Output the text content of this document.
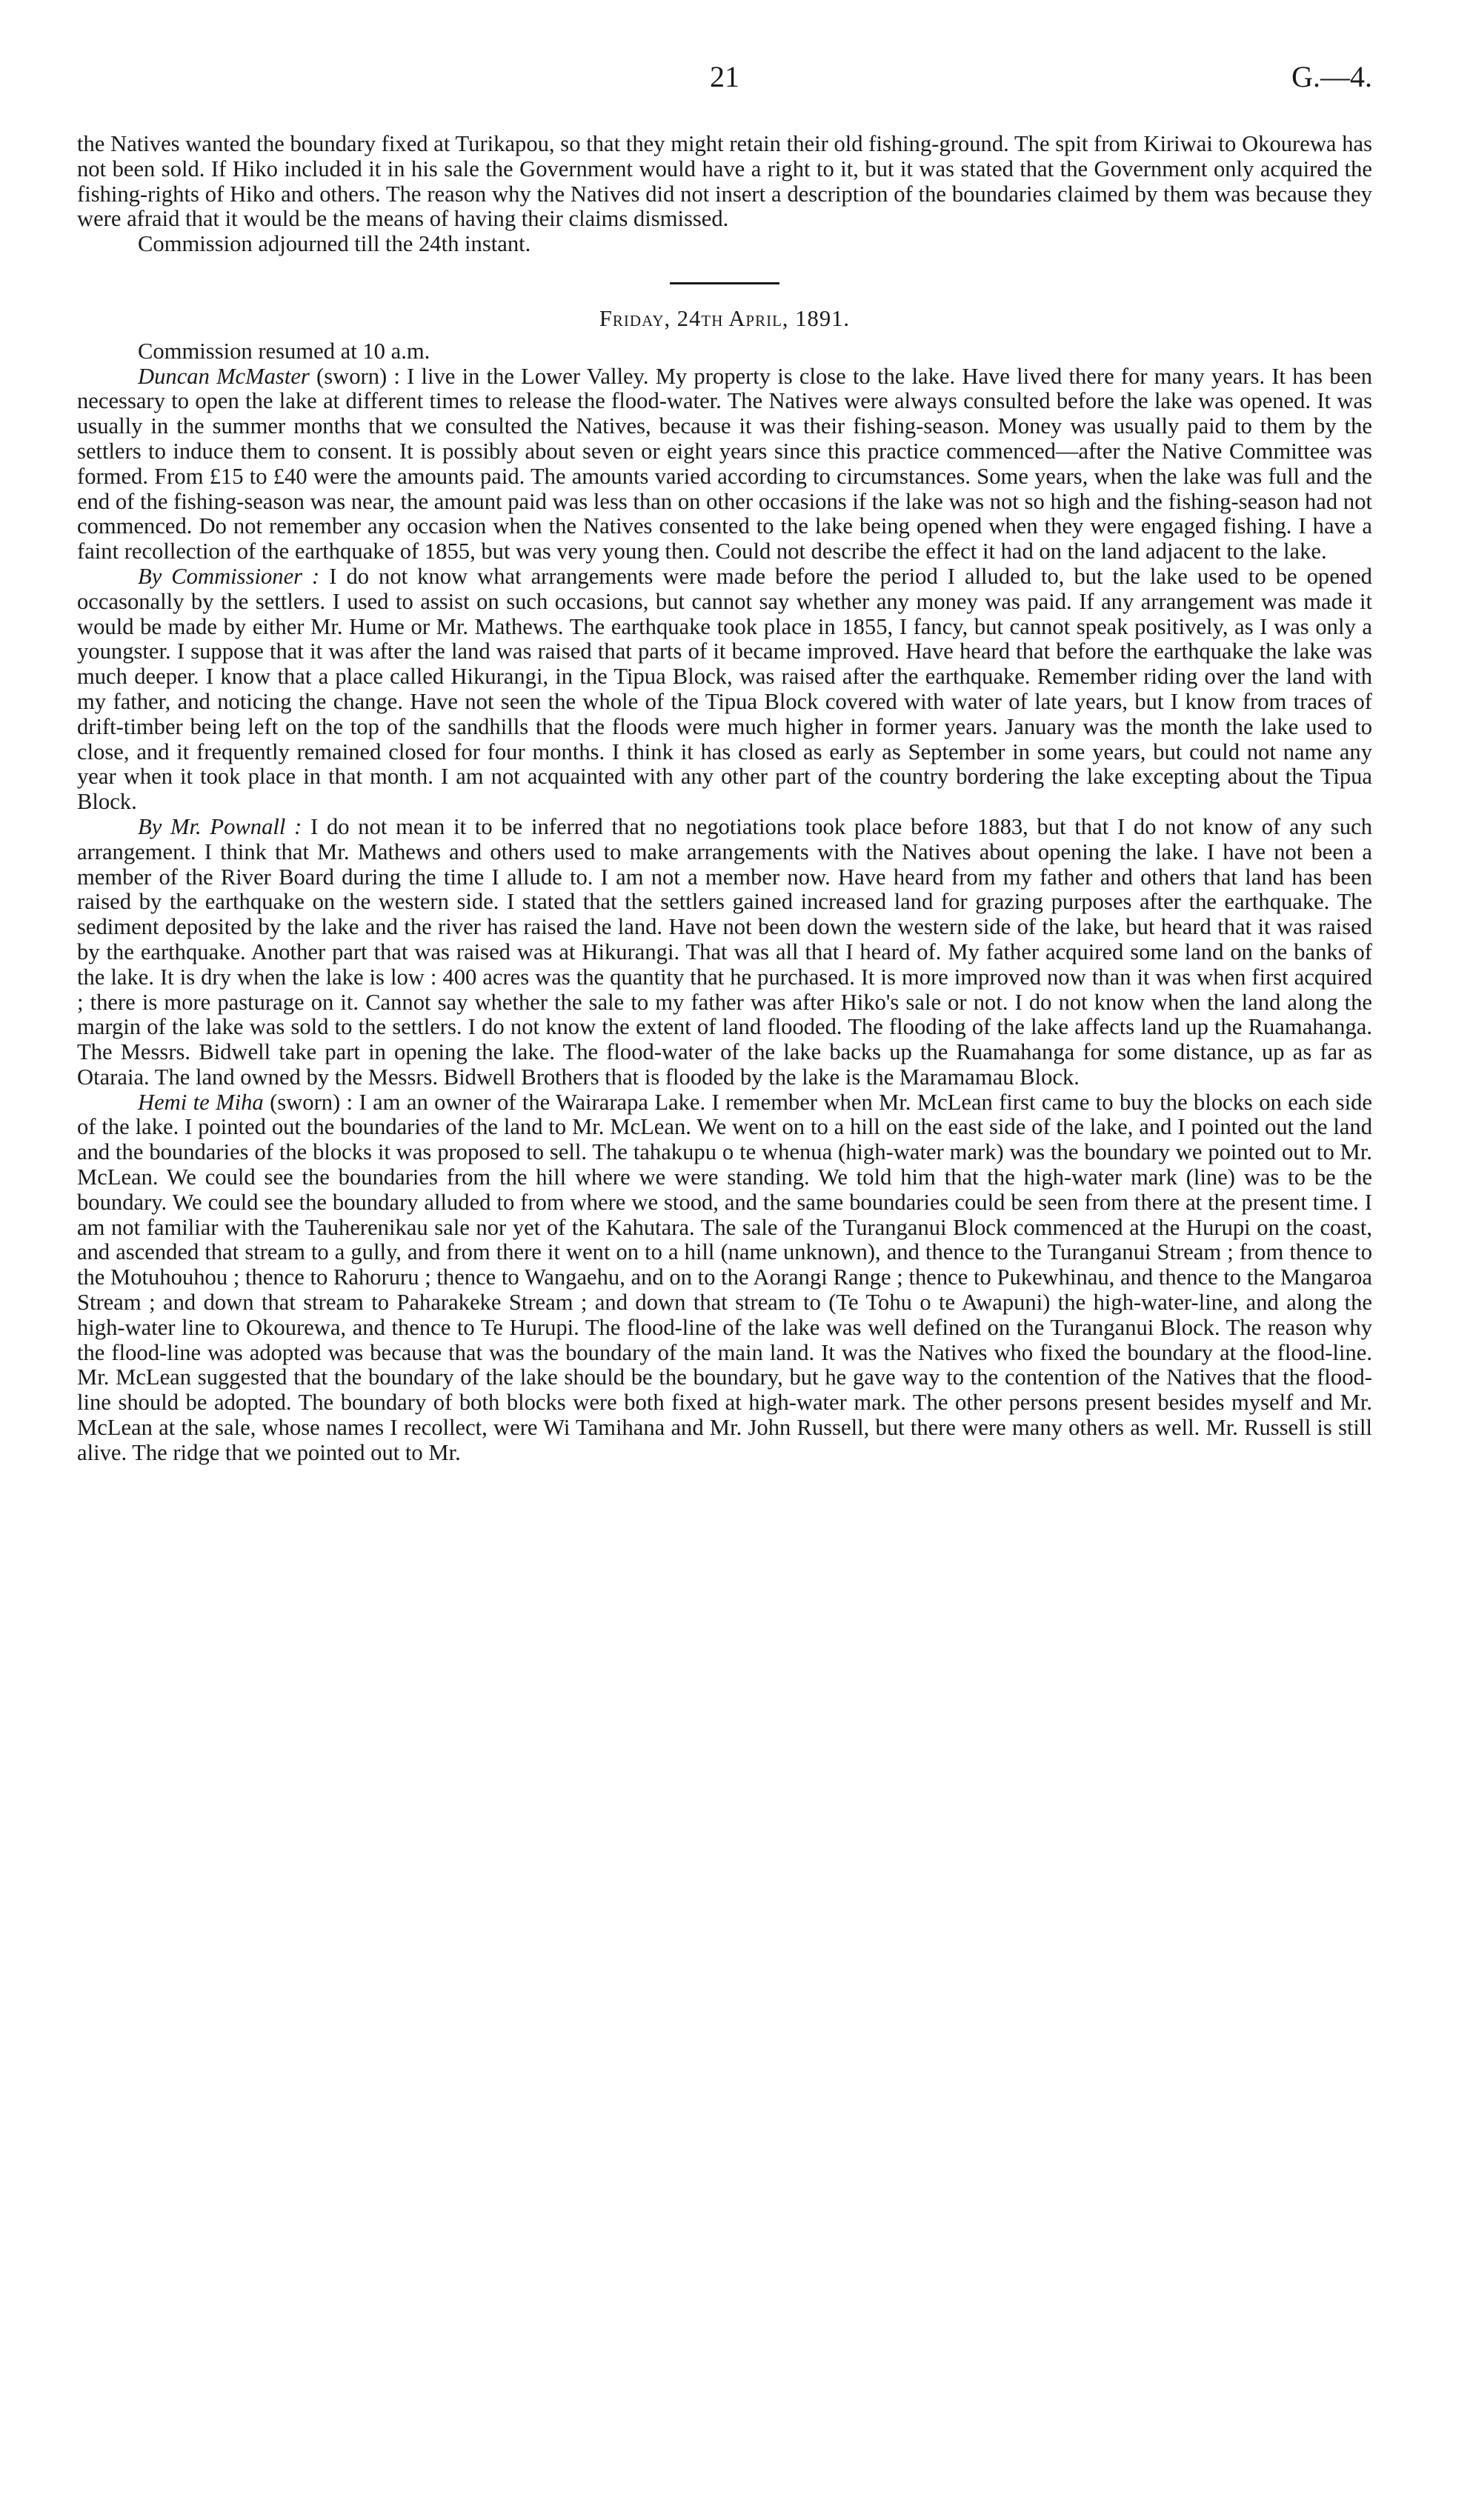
21	G.—4.

the Natives wanted the boundary fixed at Turikapou, so that they might retain their old fishing-ground. The spit from Kiriwai to Okourewa has not been sold. If Hiko included it in his sale the Government would have a right to it, but it was stated that the Government only acquired the fishing-rights of Hiko and others. The reason why the Natives did not insert a description of the boundaries claimed by them was because they were afraid that it would be the means of having their claims dismissed.

Commission adjourned till the 24th instant.

Friday, 24th April, 1891.

Commission resumed at 10 a.m.

Duncan McMaster (sworn) : I live in the Lower Valley. My property is close to the lake. Have lived there for many years. It has been necessary to open the lake at different times to release the flood-water. The Natives were always consulted before the lake was opened. It was usually in the summer months that we consulted the Natives, because it was their fishing-season. Money was usually paid to them by the settlers to induce them to consent. It is possibly about seven or eight years since this practice commenced—after the Native Committee was formed. From £15 to £40 were the amounts paid. The amounts varied according to circumstances. Some years, when the lake was full and the end of the fishing-season was near, the amount paid was less than on other occasions if the lake was not so high and the fishing-season had not commenced. Do not remember any occasion when the Natives consented to the lake being opened when they were engaged fishing. I have a faint recollection of the earthquake of 1855, but was very young then. Could not describe the effect it had on the land adjacent to the lake.

By Commissioner : I do not know what arrangements were made before the period I alluded to, but the lake used to be opened occasonally by the settlers. I used to assist on such occasions, but cannot say whether any money was paid. If any arrangement was made it would be made by either Mr. Hume or Mr. Mathews. The earthquake took place in 1855, I fancy, but cannot speak positively, as I was only a youngster. I suppose that it was after the land was raised that parts of it became improved. Have heard that before the earthquake the lake was much deeper. I know that a place called Hikurangi, in the Tipua Block, was raised after the earthquake. Remember riding over the land with my father, and noticing the change. Have not seen the whole of the Tipua Block covered with water of late years, but I know from traces of drift-timber being left on the top of the sandhills that the floods were much higher in former years. January was the month the lake used to close, and it frequently remained closed for four months. I think it has closed as early as September in some years, but could not name any year when it took place in that month. I am not acquainted with any other part of the country bordering the lake excepting about the Tipua Block.

By Mr. Pownall : I do not mean it to be inferred that no negotiations took place before 1883, but that I do not know of any such arrangement. I think that Mr. Mathews and others used to make arrangements with the Natives about opening the lake. I have not been a member of the River Board during the time I allude to. I am not a member now. Have heard from my father and others that land has been raised by the earthquake on the western side. I stated that the settlers gained increased land for grazing purposes after the earthquake. The sediment deposited by the lake and the river has raised the land. Have not been down the western side of the lake, but heard that it was raised by the earthquake. Another part that was raised was at Hikurangi. That was all that I heard of. My father acquired some land on the banks of the lake. It is dry when the lake is low : 400 acres was the quantity that he purchased. It is more improved now than it was when first acquired ; there is more pasturage on it. Cannot say whether the sale to my father was after Hiko's sale or not. I do not know when the land along the margin of the lake was sold to the settlers. I do not know the extent of land flooded. The flooding of the lake affects land up the Ruamahanga. The Messrs. Bidwell take part in opening the lake. The flood-water of the lake backs up the Ruamahanga for some distance, up as far as Otaraia. The land owned by the Messrs. Bidwell Brothers that is flooded by the lake is the Maramamau Block.

Hemi te Miha (sworn) : I am an owner of the Wairarapa Lake. I remember when Mr. McLean first came to buy the blocks on each side of the lake. I pointed out the boundaries of the land to Mr. McLean. We went on to a hill on the east side of the lake, and I pointed out the land and the boundaries of the blocks it was proposed to sell. The tahakupu o te whenua (high-water mark) was the boundary we pointed out to Mr. McLean. We could see the boundaries from the hill where we were standing. We told him that the high-water mark (line) was to be the boundary. We could see the boundary alluded to from where we stood, and the same boundaries could be seen from there at the present time. I am not familiar with the Tauherenikau sale nor yet of the Kahutara. The sale of the Turanganui Block commenced at the Hurupi on the coast, and ascended that stream to a gully, and from there it went on to a hill (name unknown), and thence to the Turanganui Stream ; from thence to the Motuhouhou ; thence to Rahoruru ; thence to Wangaehu, and on to the Aorangi Range ; thence to Pukewhinau, and thence to the Mangaroa Stream ; and down that stream to Paharakeke Stream ; and down that stream to (Te Tohu o te Awapuni) the high-water-line, and along the high-water line to Okourewa, and thence to Te Hurupi. The flood-line of the lake was well defined on the Turanganui Block. The reason why the flood-line was adopted was because that was the boundary of the main land. It was the Natives who fixed the boundary at the flood-line. Mr. McLean suggested that the boundary of the lake should be the boundary, but he gave way to the contention of the Natives that the flood-line should be adopted. The boundary of both blocks were both fixed at high-water mark. The other persons present besides myself and Mr. McLean at the sale, whose names I recollect, were Wi Tamihana and Mr. John Russell, but there were many others as well. Mr. Russell is still alive. The ridge that we pointed out to Mr.
